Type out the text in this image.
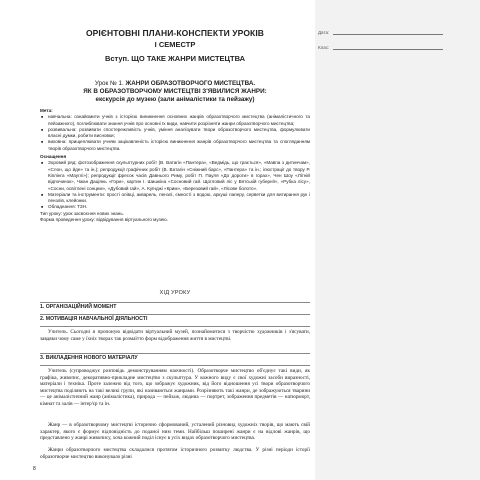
Дата:
Клас:
ОРІЄНТОВНІ ПЛАНИ-КОНСПЕКТИ УРОКІВ
І СЕМЕСТР
Вступ. ЩО ТАКЕ ЖАНРИ МИСТЕЦТВА
Урок № 1. ЖАНРИ ОБРАЗОТВОРЧОГО МИСТЕЦТВА.
ЯК В ОБРАЗОТВОРЧОМУ МИСТЕЦТВІ З'ЯВИЛИСЯ ЖАНРИ:
екскурсія до музею (зали анімалістики та пейзажу)
Мета:
■ навчальна: ознайомити учнів з історією виникнення основних жанрів образотворчого мистецтва (анімалістичного та пейзажного), поглиблювати знання учнів про основні їх види, навчити розрізняти жанри образотворчого мистецтва;
■ розвивальна: розвивати спостережливість учнів, уміння аналізувати твори образотворчого мистецтва, формулювати власні думки, робити висновки;
■ виховна: прищеплювати учням зацікавленість історією виникнення жанрів образотворчого мистецтва та спогляданням творів образотворчого мистецтва.
Оснащення
■ Зоровий ряд: фотозображення скульптурних робіт (В. Ватагін «Пантера», «Ведмідь, що грається», «Мавпа з дитинчам», «Слон, що йде» та ін.); репродукції графічних робіт (В. Ватагін «Сніжний барс», «Пантера» та ін.; ілюстрації до твору Р. Кіплінга «Мауглі»); репродукції фресок часів Давнього Риму, робіт П. Пауля «До дороги» в горах», Чен Шоу «Літній відпочинок», Чжан Даціянь «Гори», картин І. Шишкіна «Сосновий гай. Щогловий ліс у Вятській губернії», «Рубка лісу», «Сосни, освітлені сонцем», «Дубовий гай», А. Куїнджі «Крим», «Березовий гай», «Лісове болото».
■ Матеріали та інструменти: прості олівці, акварель, пензлі, ємності з водою, аркуші паперу, серветки для витирання рук і пензлів, клейонки.
■ Обладнання: ТЗН.
Тип уроку: урок засвоєння нових знань.
Форма проведення уроку: відвідування віртуального музею.
ХІД УРОКУ
1. ОРГАНІЗАЦІЙНИЙ МОМЕНТ
2. МОТИВАЦІЯ НАВЧАЛЬНОЇ ДІЯЛЬНОСТІ
Учитель. Сьогодні я пропоную відвідати віртуальний музей, познайомитися з творчістю художників і з'ясувати, завдяки чому саме у їхніх творах так розмаїтто форм відображення життя в мистецтві.
3. ВИКЛАДЕННЯ НОВОГО МАТЕРІАЛУ
Учитель (супроводжує розповідь демонструванням наочності). Образотворче мистецтво об'єднує такі види, як графіка, живопис, декоративно-прикладне мистецтво з скульптура. У кожного виду є свої художні засоби виразності, матеріали і техніка. Проте залежно від того, що зображує художник, від його відношення усі твори образотворчого мистецтва поділяють на такі великі групи, які називаються жанрами. Розрізняють такі жанри, де зображуються тварини — це анімалістичний жанр (анімалістика), природа — пейзаж, людина — портрет, зображення предметів — натюрморт, кімнат та залів — інтер'єр та ін.
Жанр — в образотворчому мистецтві історично сформований, усталений різновид художніх творів, що мають свій характер, якого є формує відповідність до поданої ним теми. Найбільш поширені жанри є на відлові жанрів, що представлено у жанрі живопису, хоча кожний поділ існує в усіх видах образотворчого мистецтва.
Жанри образотворчого мистецтва складалися протягом історичного розвитку людства. У різні періоди історії образотворче мистецтво виконувало різні
8
